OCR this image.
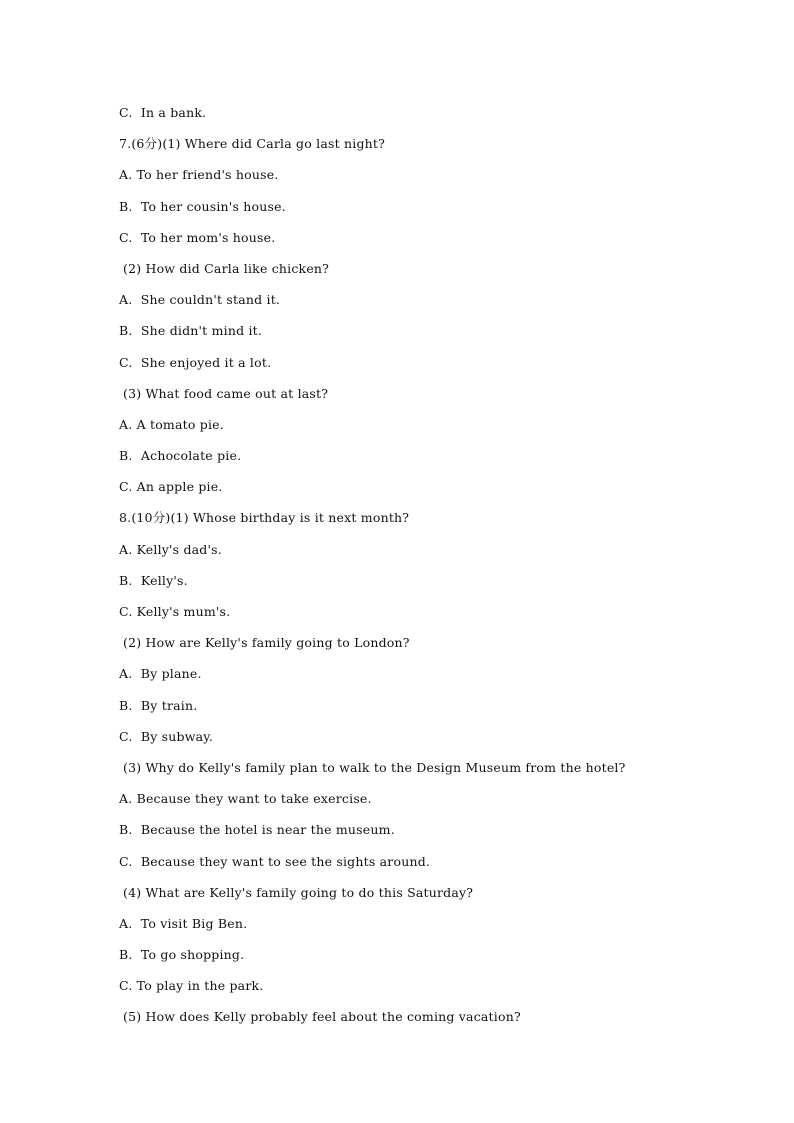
C.  In a bank.
7.(6分)(1) Where did Carla go last night?
A. To her friend's house.
B.  To her cousin's house.
C.  To her mom's house.
(2) How did Carla like chicken?
A.  She couldn't stand it.
B.  She didn't mind it.
C.  She enjoyed it a lot.
(3) What food came out at last?
A. A tomato pie.
B.  Achocolate pie.
C. An apple pie.
8.(10分)(1) Whose birthday is it next month?
A. Kelly's dad's.
B.  Kelly's.
C. Kelly's mum's.
(2) How are Kelly's family going to London?
A.  By plane.
B.  By train.
C.  By subway.
(3) Why do Kelly's family plan to walk to the Design Museum from the hotel?
A. Because they want to take exercise.
B.  Because the hotel is near the museum.
C.  Because they want to see the sights around.
(4) What are Kelly's family going to do this Saturday?
A.  To visit Big Ben.
B.  To go shopping.
C. To play in the park.
(5) How does Kelly probably feel about the coming vacation?
